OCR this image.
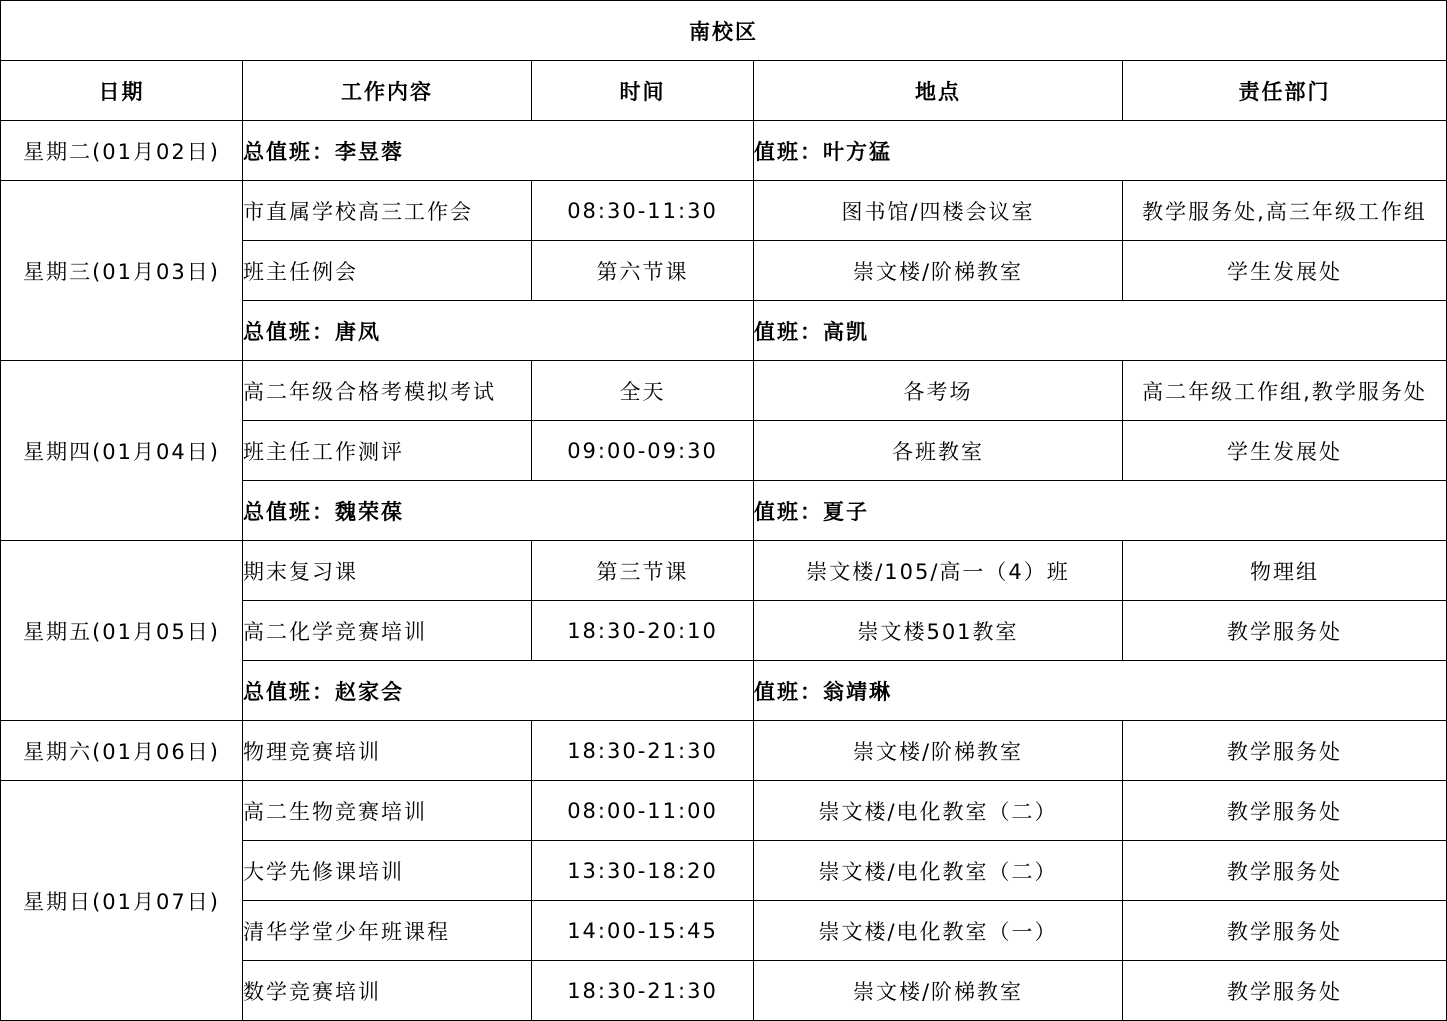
南校区				
日期	工作内容	时间	地点	责任部门
星期二(01月02日)	总值班：李昱蓉		值班：叶方猛	
星期三(01月03日)	市直属学校高三工作会	08:30-11:30	图书馆/四楼会议室	教学服务处,高三年级工作组
	班主任例会	第六节课	崇文楼/阶梯教室	学生发展处
	总值班：唐凤		值班：高凯	
星期四(01月04日)	高二年级合格考模拟考试	全天	各考场	高二年级工作组,教学服务处
	班主任工作测评	09:00-09:30	各班教室	学生发展处
	总值班：魏荣葆		值班：夏子	
星期五(01月05日)	期末复习课	第三节课	崇文楼/105/高一（4）班	物理组
	高二化学竞赛培训	18:30-20:10	崇文楼501教室	教学服务处
	总值班：赵家会		值班：翁靖琳	
星期六(01月06日)	物理竞赛培训	18:30-21:30	崇文楼/阶梯教室	教学服务处
星期日(01月07日)	高二生物竞赛培训	08:00-11:00	崇文楼/电化教室（二）	教学服务处
	大学先修课培训	13:30-18:20	崇文楼/电化教室（二）	教学服务处
	清华学堂少年班课程	14:00-15:45	崇文楼/电化教室（一）	教学服务处
	数学竞赛培训	18:30-21:30	崇文楼/阶梯教室	教学服务处
